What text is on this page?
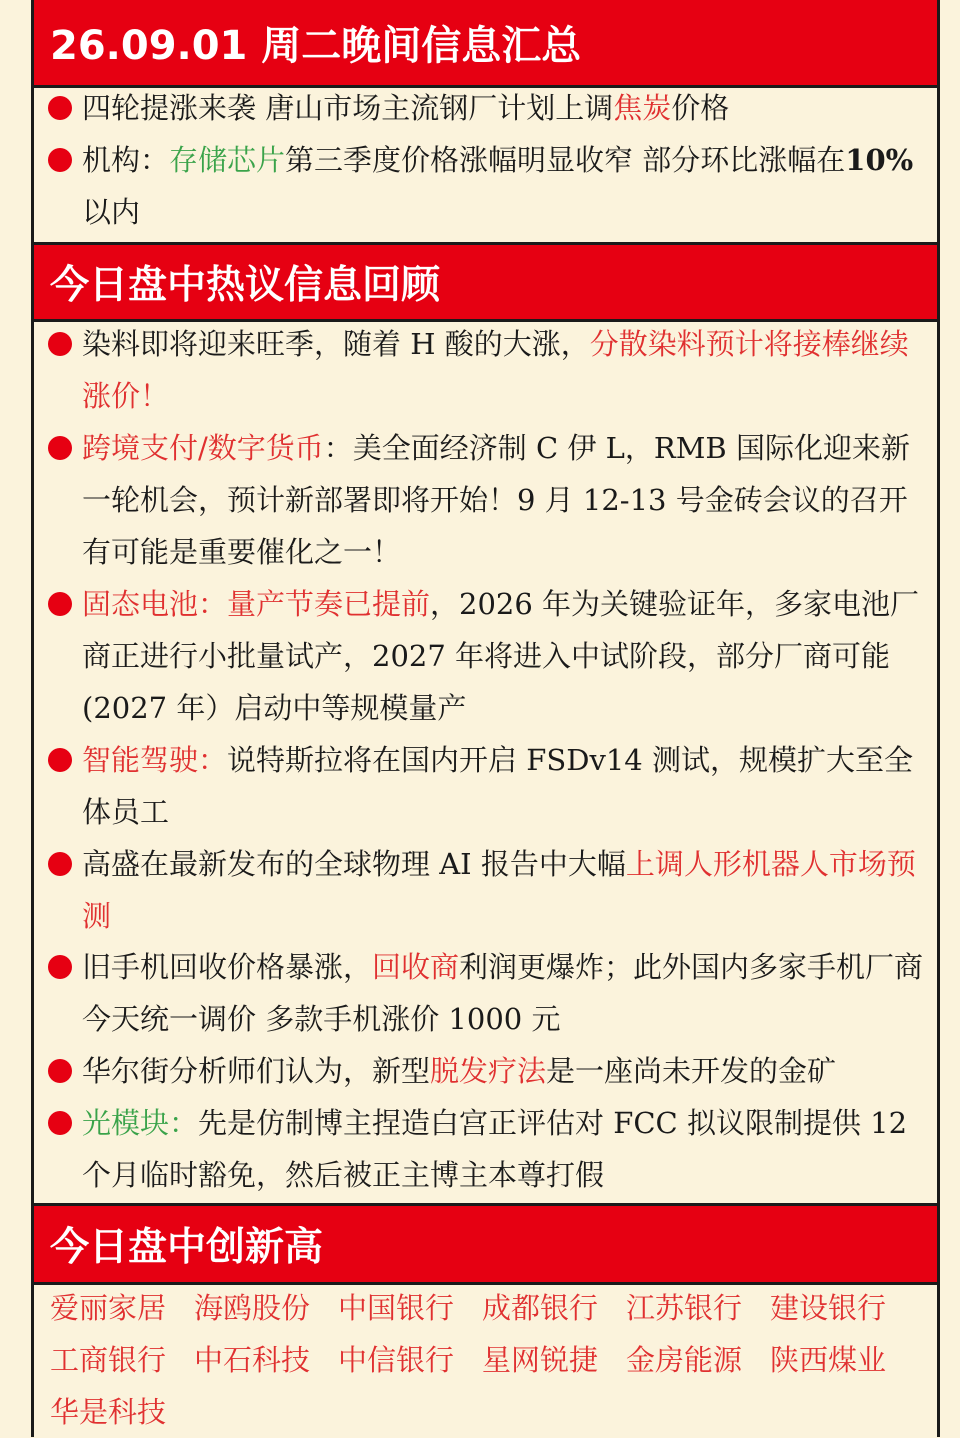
26.09.01 周二晚间信息汇总
四轮提涨来袭 唐山市场主流钢厂计划上调焦炭价格
机构：存储芯片第三季度价格涨幅明显收窄 部分环比涨幅在10%以内
今日盘中热议信息回顾
染料即将迎来旺季，随着 H 酸的大涨，分散染料预计将接棒继续涨价！
跨境支付/数字货币：美全面经济制 C 伊 L，RMB 国际化迎来新一轮机会，预计新部署即将开始！9 月 12-13 号金砖会议的召开有可能是重要催化之一！
固态电池：量产节奏已提前，2026 年为关键验证年，多家电池厂商正进行小批量试产，2027 年将进入中试阶段，部分厂商可能(2027 年）启动中等规模量产
智能驾驶：说特斯拉将在国内开启 FSDv14 测试，规模扩大至全体员工
高盛在最新发布的全球物理 AI 报告中大幅上调人形机器人市场预测
旧手机回收价格暴涨，回收商利润更爆炸；此外国内多家手机厂商今天统一调价 多款手机涨价 1000 元
华尔街分析师们认为，新型脱发疗法是一座尚未开发的金矿
光模块：先是仿制博主捏造白宫正评估对 FCC 拟议限制提供 12 个月临时豁免，然后被正主博主本尊打假
今日盘中创新高
爱丽家居 海鸥股份 中国银行 成都银行 江苏银行 建设银行
工商银行 中石科技 中信银行 星网锐捷 金房能源 陕西煤业
华是科技
